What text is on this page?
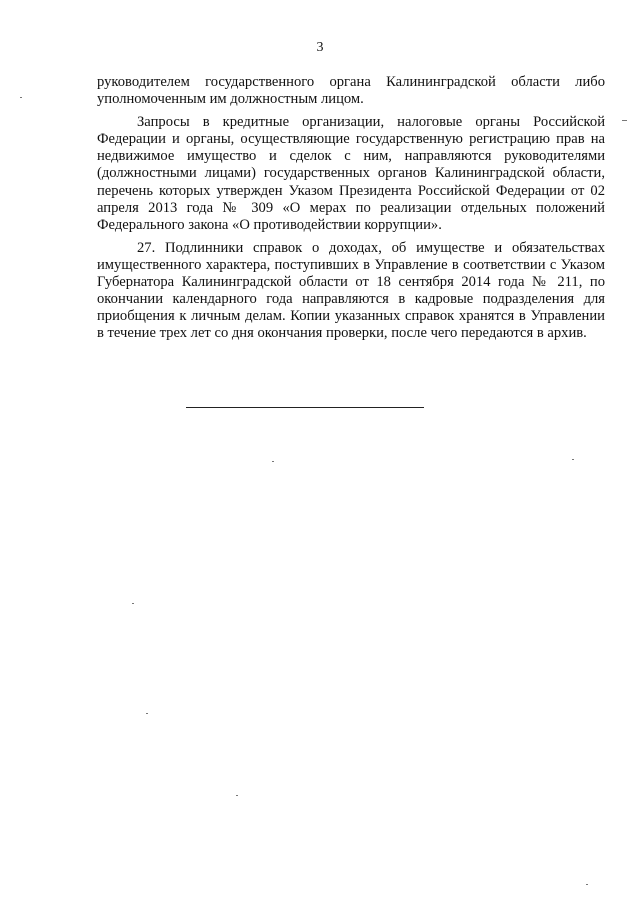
3

руководителем государственного органа Калининградской области либо уполномоченным им должностным лицом.

Запросы в кредитные организации, налоговые органы Российской Федерации и органы, осуществляющие государственную регистрацию прав на недвижимое имущество и сделок с ним, направляются руководителями (должностными лицами) государственных органов Калининградской области, перечень которых утвержден Указом Президента Российской Федерации от 02 апреля 2013 года № 309 «О мерах по реализации отдельных положений Федерального закона «О противодействии коррупции».

27. Подлинники справок о доходах, об имуществе и обязательствах имущественного характера, поступивших в Управление в соответствии с Указом Губернатора Калининградской области от 18 сентября 2014 года № 211, по окончании календарного года направляются в кадровые подразделения для приобщения к личным делам. Копии указанных справок хранятся в Управлении в течение трех лет со дня окончания проверки, после чего передаются в архив.
